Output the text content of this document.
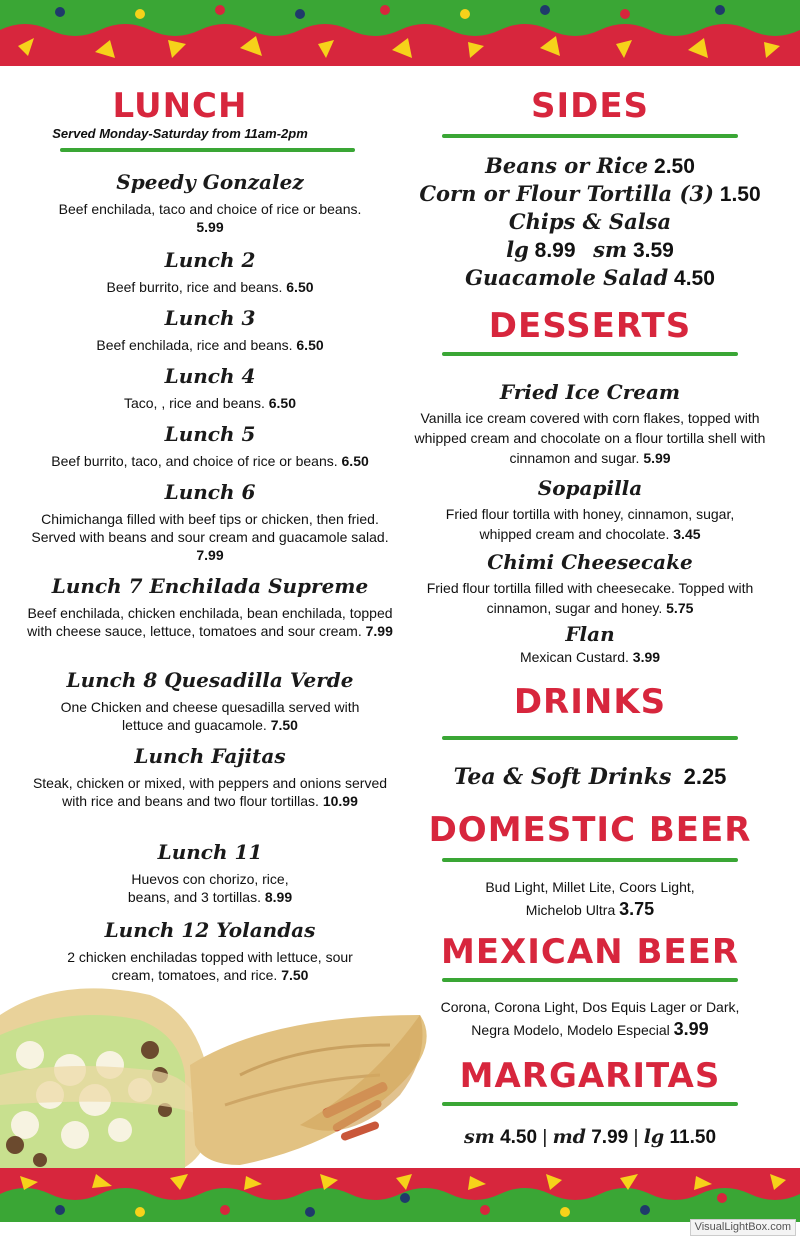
LUNCH
Served Monday-Saturday from 11am-2pm
Speedy Gonzalez
Beef enchilada, taco and choice of rice or beans.
5.99
Lunch 2
Beef burrito, rice and beans. 6.50
Lunch 3
Beef enchilada, rice and beans. 6.50
Lunch 4
Taco, , rice and beans. 6.50
Lunch 5
Beef burrito, taco, and choice of rice or beans. 6.50
Lunch 6
Chimichanga filled with beef tips or chicken, then fried. Served with beans and sour cream and guacamole salad. 7.99
Lunch 7 Enchilada Supreme
Beef enchilada, chicken enchilada, bean enchilada, topped with cheese sauce, lettuce, tomatoes and sour cream. 7.99
Lunch 8 Quesadilla Verde
One Chicken and cheese quesadilla served with lettuce and guacamole. 7.50
Lunch Fajitas
Steak, chicken or mixed, with peppers and onions served with rice and beans and two flour tortillas. 10.99
Lunch 11
Huevos con chorizo, rice, beans, and 3 tortillas. 8.99
Lunch 12 Yolandas
2 chicken enchiladas topped with lettuce, sour cream, tomatoes, and rice. 7.50
SIDES
Beans or Rice 2.50
Corn or Flour Tortilla (3) 1.50
Chips & Salsa
lg 8.99 sm 3.59
Guacamole Salad 4.50
DESSERTS
Fried Ice Cream
Vanilla ice cream covered with corn flakes, topped with whipped cream and chocolate on a flour tortilla shell with cinnamon and sugar. 5.99
Sopapilla
Fried flour tortilla with honey, cinnamon, sugar, whipped cream and chocolate. 3.45
Chimi Cheesecake
Fried flour tortilla filled with cheesecake. Topped with cinnamon, sugar and honey. 5.75
Flan
Mexican Custard. 3.99
DRINKS
Tea & Soft Drinks 2.25
DOMESTIC BEER
Bud Light, Millet Lite, Coors Light,
Michelob Ultra 3.75
MEXICAN BEER
Corona, Corona Light, Dos Equis Lager or Dark,
Negra Modelo, Modelo Especial 3.99
MARGARITAS
sm 4.50 | md 7.99 | lg 11.50
VisualLightBox.com
